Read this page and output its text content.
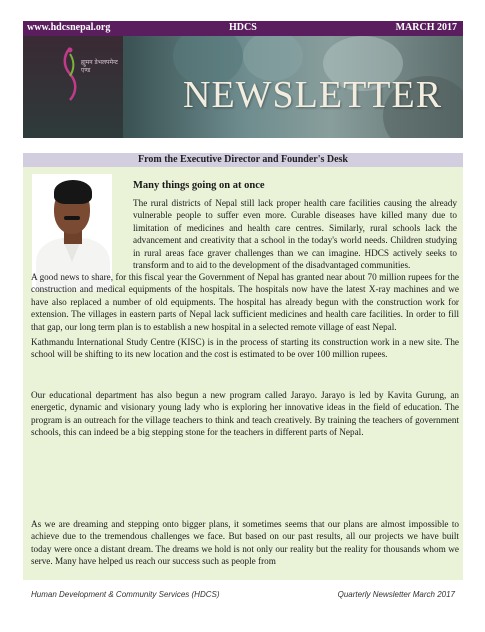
www.hdcsnepal.org	HDCS	MARCH 2017
ह्युमन डेभलपमेन्ट एण्ड
NEWSLETTER
From the Executive Director and Founder's Desk
Many things going on at once
The rural districts of Nepal still lack proper health care facilities causing the already vulnerable people to suffer even more. Curable diseases have killed many due to limitation of medicines and health care centres. Similarly, rural schools lack the advancement and creativity that a school in the today's world needs. Children studying in rural areas face graver challenges than we can imagine. HDCS actively seeks to transform and to aid to the development of the disadvantaged communities.

A good news to share, for this fiscal year the Government of Nepal has granted near about 70 million rupees for the construction and medical equipments of the hospitals. The hospitals now have the latest X-ray machines and we have also replaced a number of old equipments. The hospital has already begun with the construction work for extension. The villages in eastern parts of Nepal lack sufficient medicines and health care facilities. In order to fill that gap, our long term plan is to establish a new hospital in a selected remote village of east Nepal.

Kathmandu International Study Centre (KISC) is in the process of starting its construction work in a new site. The school will be shifting to its new location and the cost is estimated to be over 100 million rupees.

Our educational department has also begun a new program called Jarayo. Jarayo is led by Kavita Gurung, an energetic, dynamic and visionary young lady who is exploring her innovative ideas in the field of education. The program is an outreach for the village teachers to think and teach creatively. By training the teachers of government schools, this can indeed be a big stepping stone for the teachers in different parts of Nepal.

As we are dreaming and stepping onto bigger plans, it sometimes seems that our plans are almost impossible to achieve due to the tremendous challenges we face. But based on our past results, all our projects we have built today were once a distant dream. The dreams we hold is not only our reality but the reality for thousands whom we serve. Many have helped us reach our success such as people from

Human Development & Community Services (HDCS)	Quarterly Newsletter March 2017
